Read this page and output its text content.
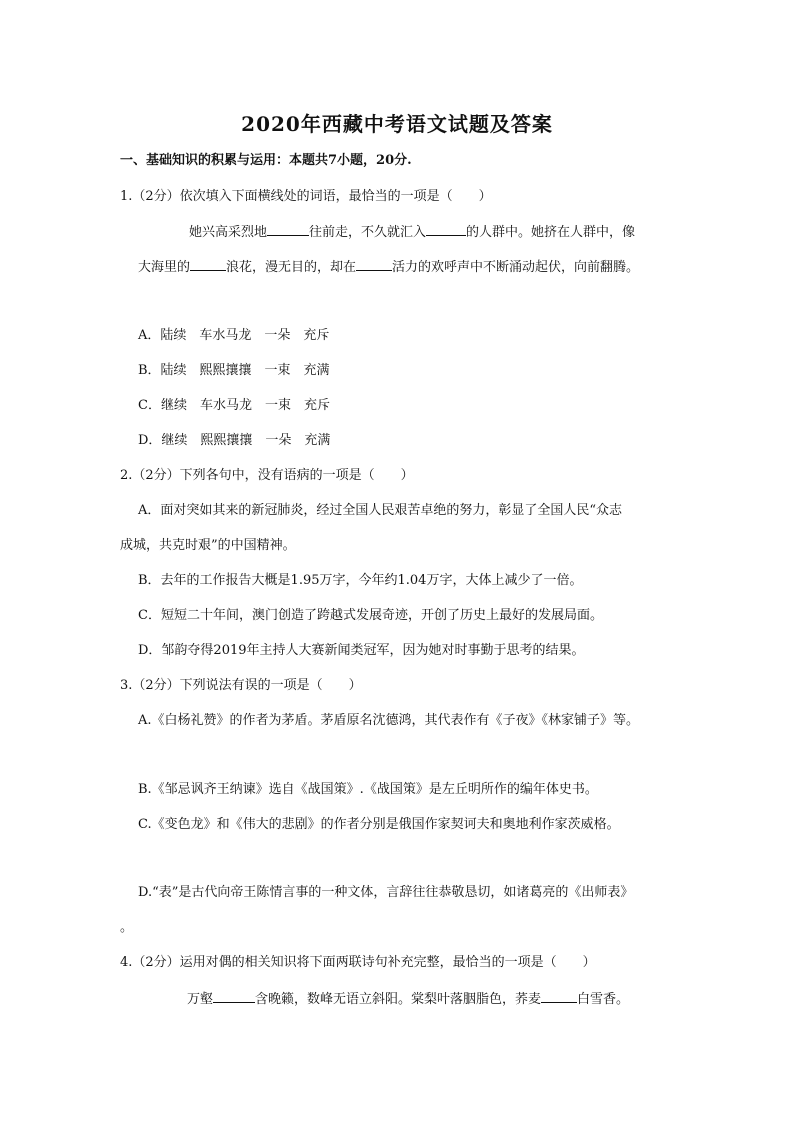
2020年西藏中考语文试题及答案
一、基础知识的积累与运用：本题共7小题，20分.
1.（2分）依次填入下面横线处的词语，最恰当的一项是（　　）
她兴高采烈地	往前走，不久就汇入	的人群中。她挤在人群中，像
大海里的	浪花，漫无目的，却在	活力的欢呼声中不断涌动起伏，向前翻腾。
A．陆续　车水马龙　一朵　充斥
B．陆续　熙熙攘攘　一束　充满
C．继续　车水马龙　一束　充斥
D．继续　熙熙攘攘　一朵　充满
2.（2分）下列各句中，没有语病的一项是（　　）
A．面对突如其来的新冠肺炎，经过全国人民艰苦卓绝的努力，彰显了全国人民“众志
成城，共克时艰”的中国精神。
B．去年的工作报告大概是1.95万字，今年约1.04万字，大体上减少了一倍。
C．短短二十年间，澳门创造了跨越式发展奇迹，开创了历史上最好的发展局面。
D．邹韵夺得2019年主持人大赛新闻类冠军，因为她对时事勤于思考的结果。
3.（2分）下列说法有误的一项是（　　）
A.《白杨礼赞》的作者为茅盾。茅盾原名沈德鸿，其代表作有《子夜》《林家铺子》等。
B.《邹忌讽齐王纳谏》选自《战国策》.《战国策》是左丘明所作的编年体史书。
C.《变色龙》和《伟大的悲剧》的作者分别是俄国作家契诃夫和奥地利作家茨威格。
D.“表”是古代向帝王陈情言事的一种文体，言辞往往恭敬恳切，如诸葛亮的《出师表》
。
4.（2分）运用对偶的相关知识将下面两联诗句补充完整，最恰当的一项是（　　）
万壑	含晚籁，数峰无语立斜阳。棠梨叶落胭脂色，荞麦	白雪香。
